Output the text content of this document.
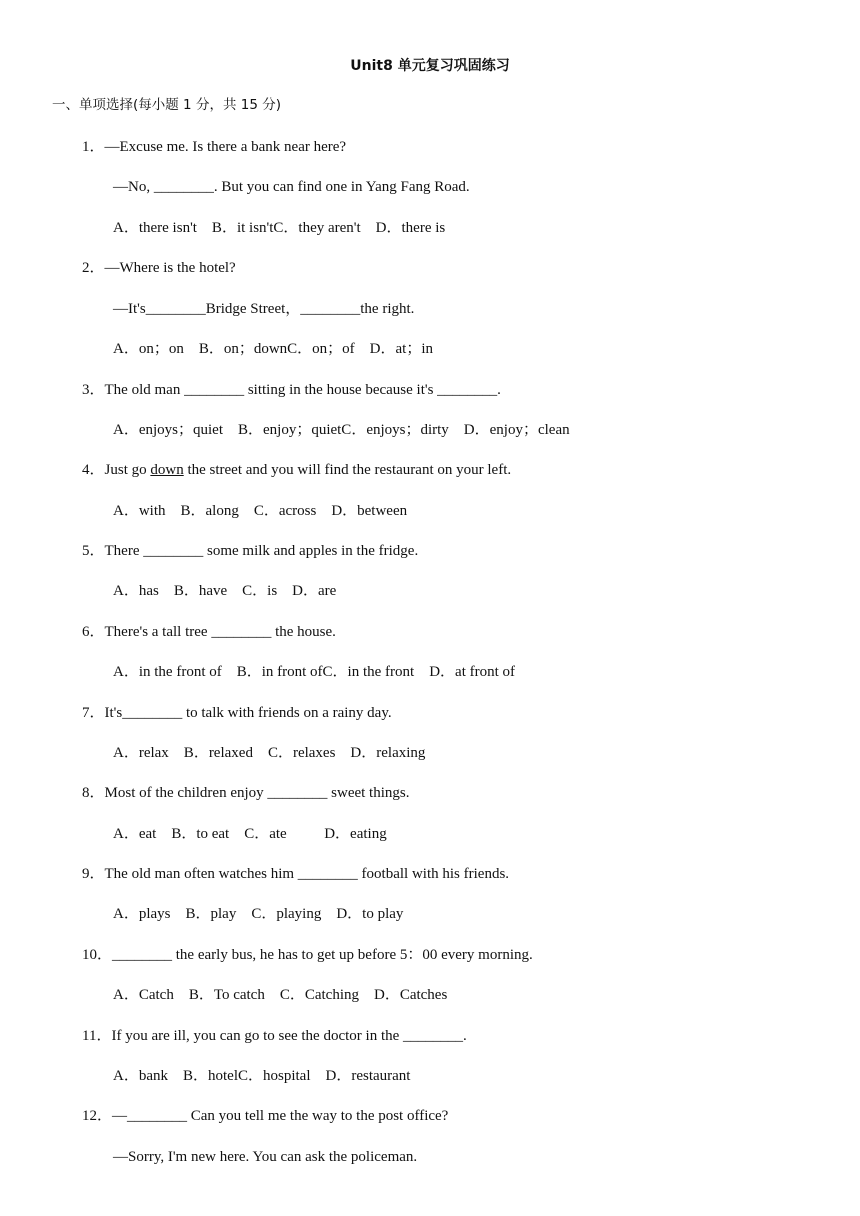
Unit8 单元复习巩固练习
一、单项选择(每小题 1 分，共 15 分)
1．—Excuse me. Is there a bank near here?
—No, ________. But you can find one in Yang Fang Road.
A．there isn't    B．it isn'tC．they aren't    D．there is
2．—Where is the hotel?
—It's________Bridge Street，________the right.
A．on；on    B．on；downC．on；of    D．at；in
3．The old man ________ sitting in the house because it's ________.
A．enjoys；quiet    B．enjoy；quietC．enjoys；dirty    D．enjoy；clean
4．Just go down the street and you will find the restaurant on your left.
A．with    B．along    C．across    D．between
5．There ________ some milk and apples in the fridge.
A．has    B．have    C．is    D．are
6．There's a tall tree ________ the house.
A．in the front of    B．in front ofC．in the front    D．at front of
7．It's________ to talk with friends on a rainy day.
A．relax    B．relaxed    C．relaxes    D．relaxing
8．Most of the children enjoy ________ sweet things.
A．eat    B．to eat    C．ate          D．eating
9．The old man often watches him ________ football with his friends.
A．plays    B．play    C．playing    D．to play
10．________ the early bus, he has to get up before 5：00 every morning.
A．Catch    B．To catch    C．Catching    D．Catches
11．If you are ill, you can go to see the doctor in the ________.
A．bank    B．hotelC．hospital    D．restaurant
12．—________ Can you tell me the way to the post office?
—Sorry, I'm new here. You can ask the policeman.
